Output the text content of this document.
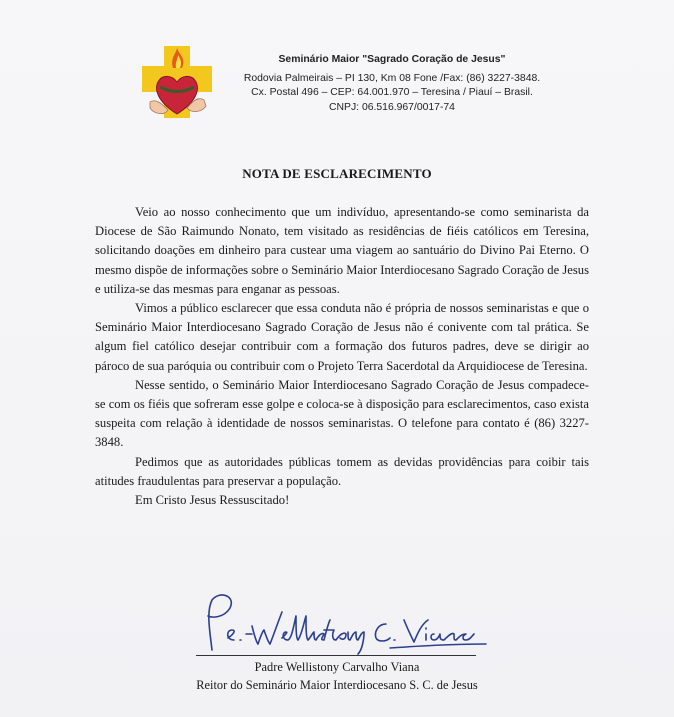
Seminário Maior "Sagrado Coração de Jesus"
Rodovia Palmeirais – PI 130, Km 08 Fone /Fax: (86) 3227-3848.
Cx. Postal 496 – CEP: 64.001.970 – Teresina / Piauí – Brasil.
CNPJ: 06.516.967/0017-74
NOTA DE ESCLARECIMENTO

Veio ao nosso conhecimento que um indivíduo, apresentando-se como seminarista da Diocese de São Raimundo Nonato, tem visitado as residências de fiéis católicos em Teresina, solicitando doações em dinheiro para custear uma viagem ao santuário do Divino Pai Eterno. O mesmo dispõe de informações sobre o Seminário Maior Interdiocesano Sagrado Coração de Jesus e utiliza-se das mesmas para enganar as pessoas.

Vimos a público esclarecer que essa conduta não é própria de nossos seminaristas e que o Seminário Maior Interdiocesano Sagrado Coração de Jesus não é conivente com tal prática. Se algum fiel católico desejar contribuir com a formação dos futuros padres, deve se dirigir ao pároco de sua paróquia ou contribuir com o Projeto Terra Sacerdotal da Arquidiocese de Teresina.

Nesse sentido, o Seminário Maior Interdiocesano Sagrado Coração de Jesus compadece-se com os fiéis que sofreram esse golpe e coloca-se à disposição para esclarecimentos, caso exista suspeita com relação à identidade de nossos seminaristas. O telefone para contato é (86) 3227-3848.

Pedimos que as autoridades públicas tomem as devidas providências para coibir tais atitudes fraudulentas para preservar a população.

Em Cristo Jesus Ressuscitado!

Padre Wellistony Carvalho Viana
Reitor do Seminário Maior Interdiocesano S. C. de Jesus
